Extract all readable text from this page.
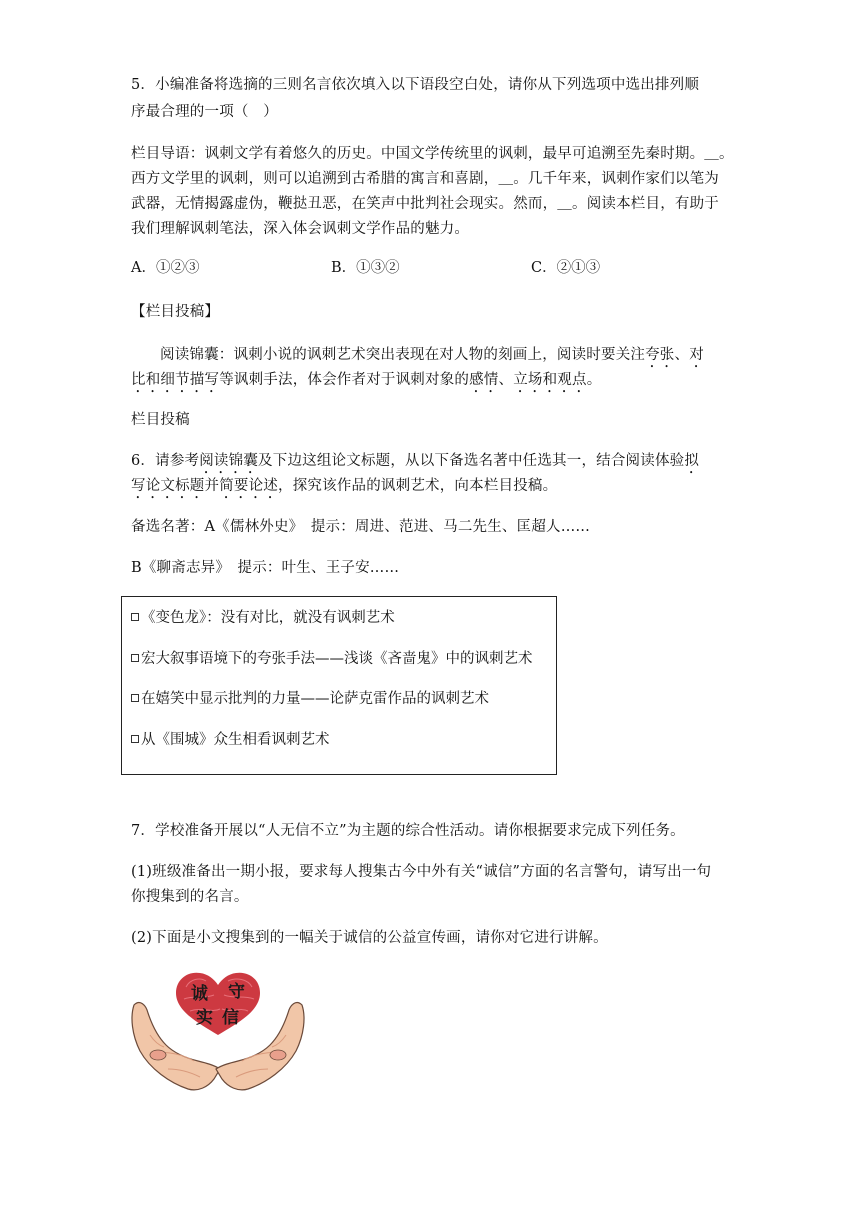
5．小编准备将选摘的三则名言依次填入以下语段空白处，请你从下列选项中选出排列顺
序最合理的一项（　）
栏目导语：讽刺文学有着悠久的历史。中国文学传统里的讽刺，最早可追溯至先秦时期。＿。
西方文学里的讽刺，则可以追溯到古希腊的寓言和喜剧，＿。几千年来，讽刺作家们以笔为
武器，无情揭露虚伪，鞭挞丑恶，在笑声中批判社会现实。然而，＿。阅读本栏目，有助于
我们理解讽刺笔法，深入体会讽刺文学作品的魅力。
A．①②③	B．①③②	C．②①③
【栏目投稿】
阅读锦囊：讽刺小说的讽刺艺术突出表现在对人物的刻画上，阅读时要关注夸张、对
比和细节描写等讽刺手法，体会作者对于讽刺对象的感情、立场和观点。
栏目投稿
6．请参考阅读锦囊及下边这组论文标题，从以下备选名著中任选其一，结合阅读体验拟
写论文标题并简要论述，探究该作品的讽刺艺术，向本栏目投稿。
备选名著：A《儒林外史》　提示：周进、范进、马二先生、匡超人……
B《聊斋志异》　提示：叶生、王子安……
《变色龙》：没有对比，就没有讽刺艺术
宏大叙事语境下的夸张手法——浅谈《吝啬鬼》中的讽刺艺术
在嬉笑中显示批判的力量——论萨克雷作品的讽刺艺术
从《围城》众生相看讽刺艺术
7．学校准备开展以“人无信不立”为主题的综合性活动。请你根据要求完成下列任务。
(1)班级准备出一期小报，要求每人搜集古今中外有关“诚信”方面的名言警句，请写出一句
你搜集到的名言。
(2)下面是小文搜集到的一幅关于诚信的公益宣传画，请你对它进行讲解。
诚 守
实 信
